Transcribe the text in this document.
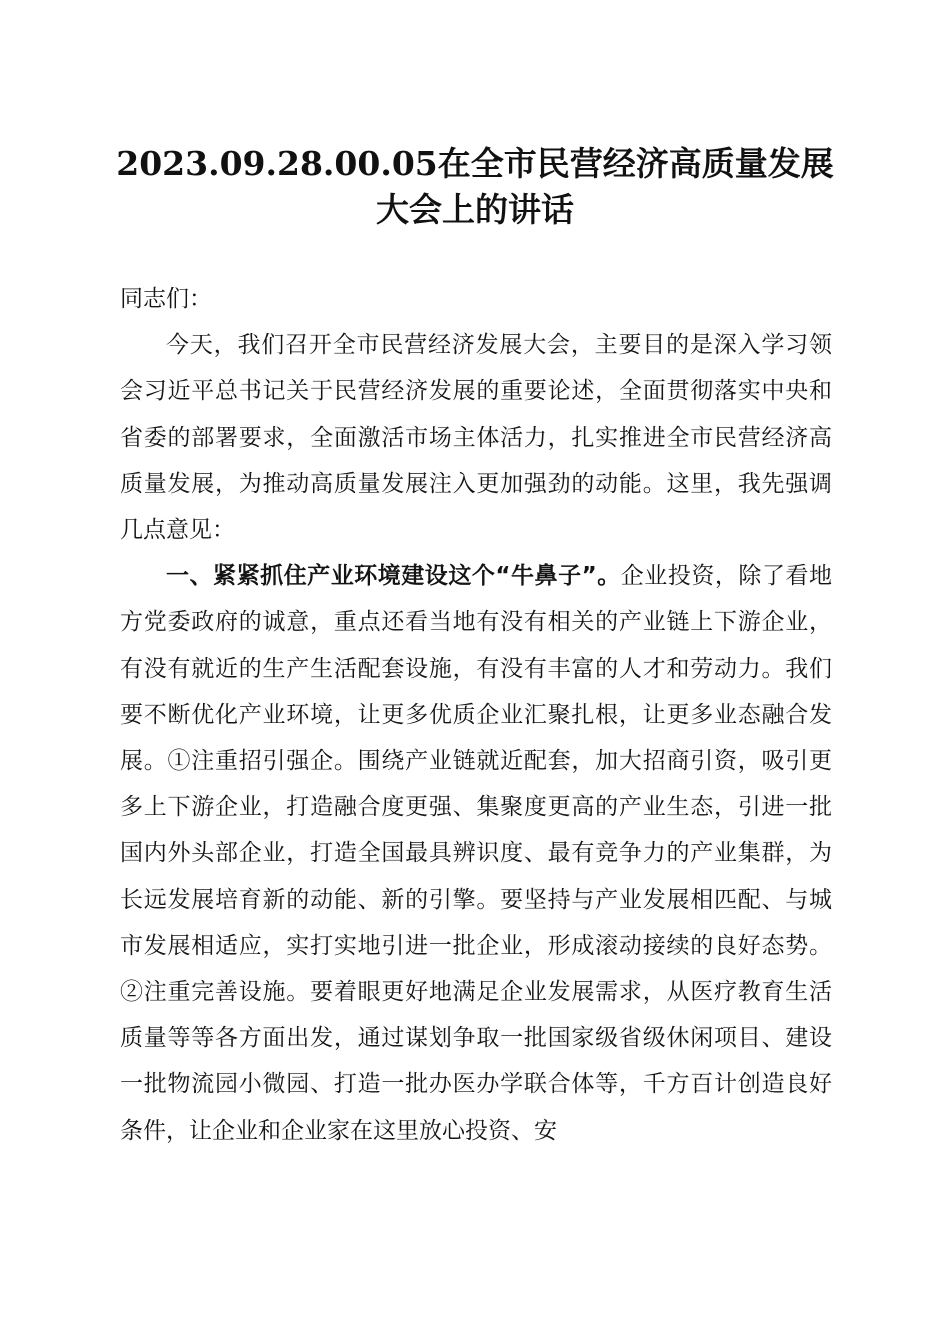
2023.09.28.00.05在全市民营经济高质量发展
大会上的讲话

同志们：

今天，我们召开全市民营经济发展大会，主要目的是深入学习领会习近平总书记关于民营经济发展的重要论述，全面贯彻落实中央和省委的部署要求，全面激活市场主体活力，扎实推进全市民营经济高质量发展，为推动高质量发展注入更加强劲的动能。这里，我先强调几点意见：

一、紧紧抓住产业环境建设这个“牛鼻子”。企业投资，除了看地方党委政府的诚意，重点还看当地有没有相关的产业链上下游企业，有没有就近的生产生活配套设施，有没有丰富的人才和劳动力。我们要不断优化产业环境，让更多优质企业汇聚扎根，让更多业态融合发展。①注重招引强企。围绕产业链就近配套，加大招商引资，吸引更多上下游企业，打造融合度更强、集聚度更高的产业生态，引进一批国内外头部企业，打造全国最具辨识度、最有竞争力的产业集群，为长远发展培育新的动能、新的引擎。要坚持与产业发展相匹配、与城市发展相适应，实打实地引进一批企业，形成滚动接续的良好态势。②注重完善设施。要着眼更好地满足企业发展需求，从医疗教育生活质量等等各方面出发，通过谋划争取一批国家级省级休闲项目、建设一批物流园小微园、打造一批办医办学联合体等，千方百计创造良好条件，让企业和企业家在这里放心投资、安
